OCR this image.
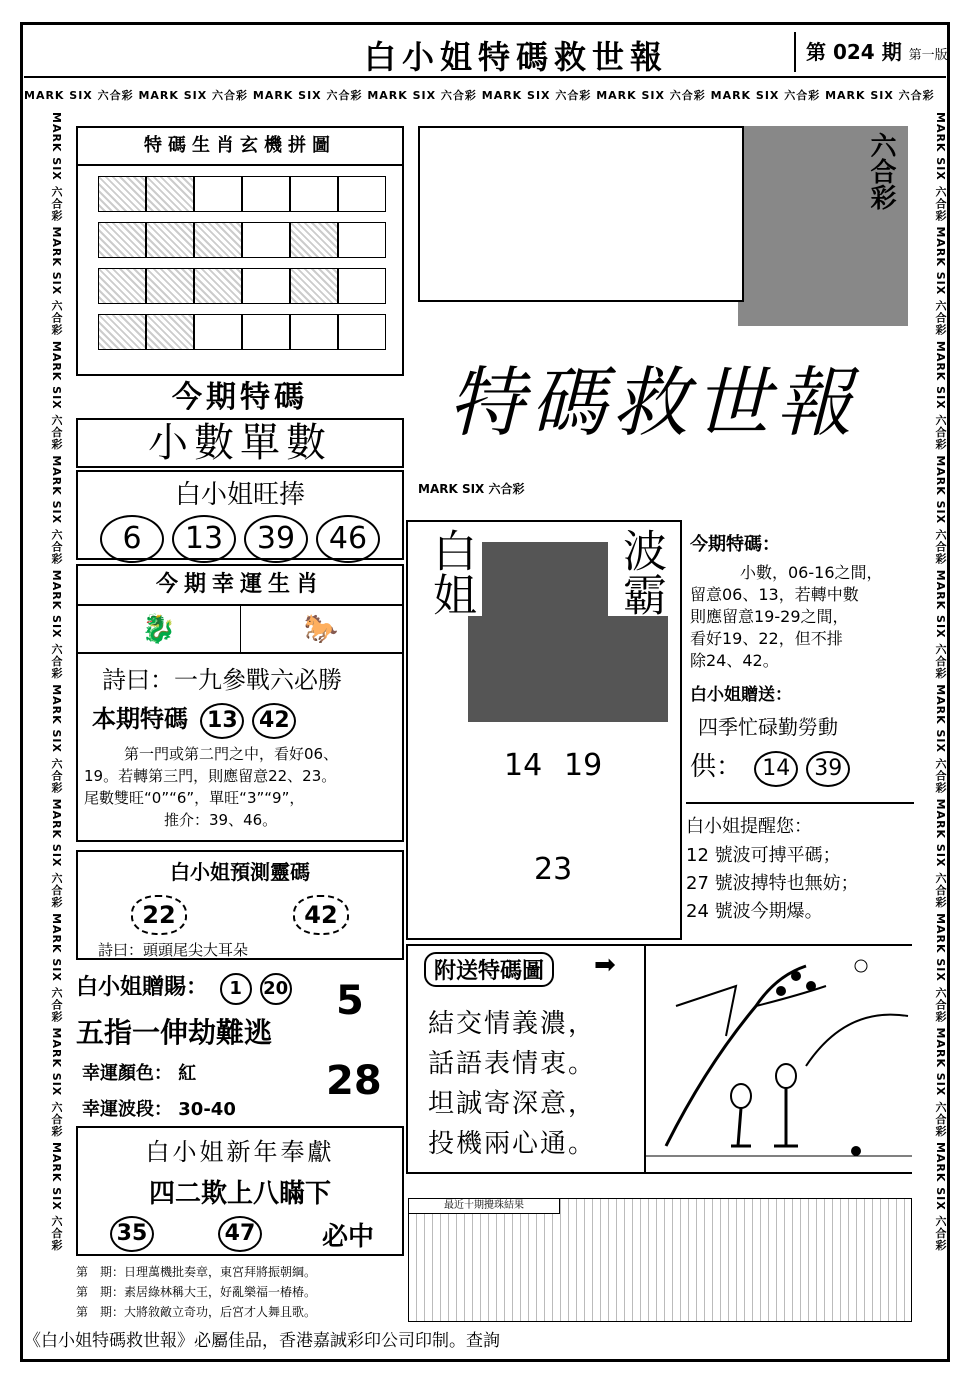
白小姐特碼救世報	第 024 期 第一版
MARK SIX 六合彩 MARK SIX 六合彩 MARK SIX 六合彩 MARK SIX 六合彩 MARK SIX 六合彩 MARK SIX 六合彩 MARK SIX 六合彩 MARK SIX 六合彩
MARK SIX 六合彩 MARK SIX 六合彩 MARK SIX 六合彩 MARK SIX 六合彩 MARK SIX 六合彩 MARK SIX 六合彩 MARK SIX 六合彩 MARK SIX 六合彩 MARK SIX 六合彩 MARK SIX 六合彩	MARK SIX 六合彩 MARK SIX 六合彩 MARK SIX 六合彩 MARK SIX 六合彩 MARK SIX 六合彩 MARK SIX 六合彩 MARK SIX 六合彩 MARK SIX 六合彩 MARK SIX 六合彩 MARK SIX 六合彩
特碼生肖玄機拼圖
今期特碼
小數單數
白小姐旺捧
6 13 39 46
六合彩
特碼救世報
MARK SIX 六合彩
今期幸運生肖
🐉	🐎
詩曰：一九參戰六必勝
本期特碼 13 42
第一門或第二門之中，看好06、
19。若轉第三門，則應留意22、23。
尾數雙旺“0”“6”，單旺“3”“9”，
推介：39、46。
白姐	波霸
14 19
23
今期特碼：
小數，06-16之間，
留意06、13，若轉中數
則應留意19-29之間，
看好19、22，但不排
除24、42。
白小姐贈送：
四季忙碌勤勞動
供： 14 39
白小姐提醒您：
12 號波可搏平碼；
27 號波搏特也無妨；
24 號波今期爆。
白小姐預測靈碼
22	42
詩曰：頭頭尾尖大耳朵
白小姐贈賜： 1 20	5
五指一伸劫難逃
幸運顏色： 紅
幸運波段： 30-40
28
附送特碼圖	➡
結交情義濃，
話語表情衷。
坦誠寄深意，
投機兩心通。
白小姐新年奉獻
四二欺上八瞞下
35	47	必中
第　期：日理萬機批奏章，東宮拜將振朝綱。
第　期：素居綠林稱大王，好亂樂福一椿椿。
第　期：大將敘敵立奇功，后宮才人舞且歌。
最近十期攪珠結果
《白小姐特碼救世報》必屬佳品，香港嘉誠彩印公司印制。查詢
